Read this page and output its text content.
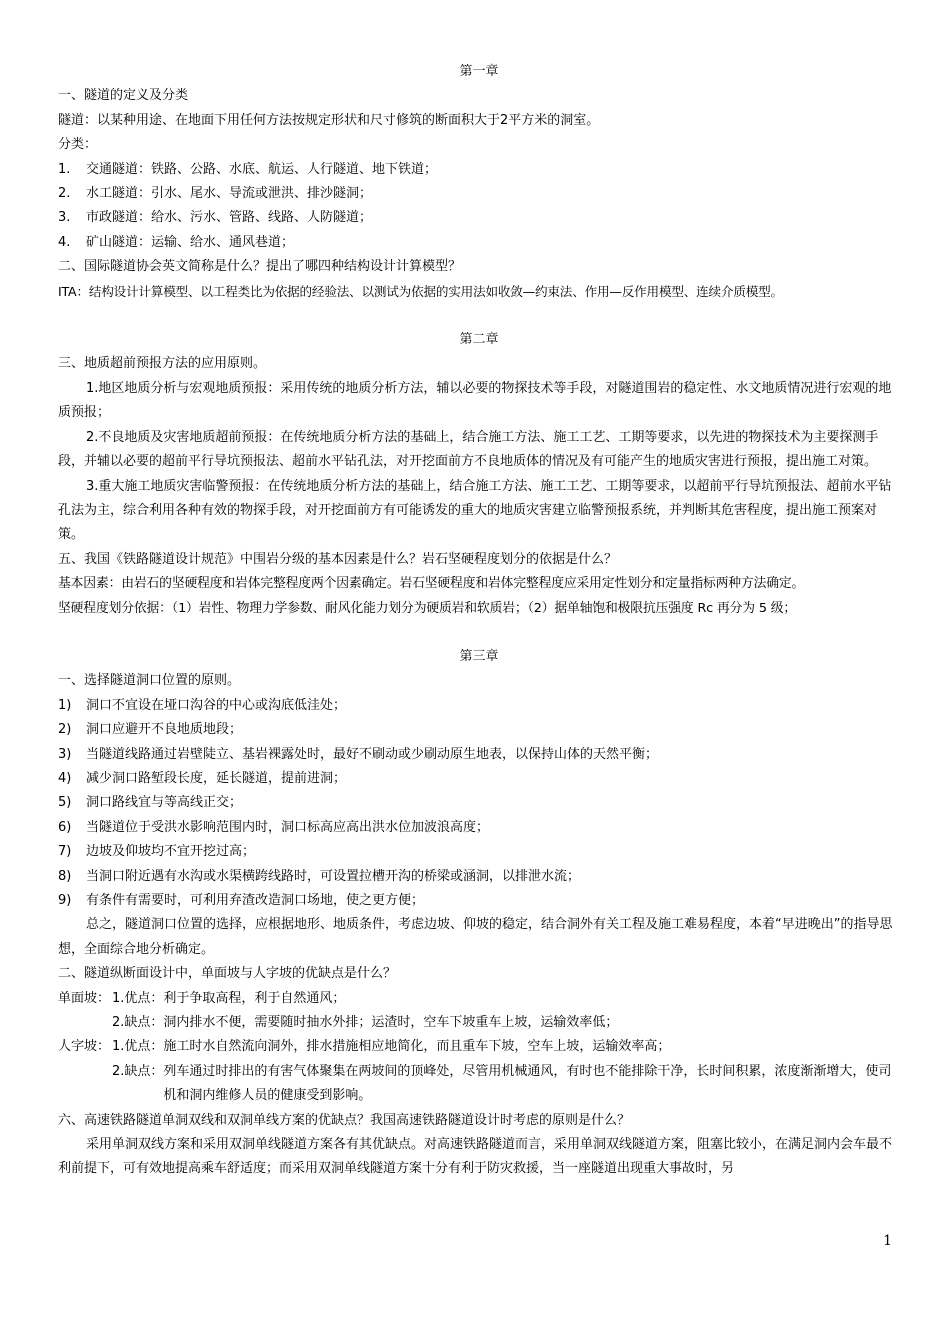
第一章
一、隧道的定义及分类
隧道：以某种用途、在地面下用任何方法按规定形状和尺寸修筑的断面积大于2平方米的洞室。
分类：
1. 交通隧道：铁路、公路、水底、航运、人行隧道、地下铁道；
2. 水工隧道：引水、尾水、导流或泄洪、排沙隧洞；
3. 市政隧道：给水、污水、管路、线路、人防隧道；
4. 矿山隧道：运输、给水、通风巷道；
二、国际隧道协会英文简称是什么？提出了哪四种结构设计计算模型？
ITA：结构设计计算模型、以工程类比为依据的经验法、以测试为依据的实用法如收敛—约束法、作用—反作用模型、连续介质模型。
第二章
三、地质超前预报方法的应用原则。
1.地区地质分析与宏观地质预报：采用传统的地质分析方法，辅以必要的物探技术等手段，对隧道围岩的稳定性、水文地质情况进行宏观的地质预报；
2.不良地质及灾害地质超前预报：在传统地质分析方法的基础上，结合施工方法、施工工艺、工期等要求，以先进的物探技术为主要探测手段，并辅以必要的超前平行导坑预报法、超前水平钻孔法，对开挖面前方不良地质体的情况及有可能产生的地质灾害进行预报，提出施工对策。
3.重大施工地质灾害临警预报：在传统地质分析方法的基础上，结合施工方法、施工工艺、工期等要求，以超前平行导坑预报法、超前水平钻孔法为主，综合利用各种有效的物探手段，对开挖面前方有可能诱发的重大的地质灾害建立临警预报系统，并判断其危害程度，提出施工预案对策。
五、我国《铁路隧道设计规范》中围岩分级的基本因素是什么？岩石坚硬程度划分的依据是什么？
基本因素：由岩石的坚硬程度和岩体完整程度两个因素确定。岩石坚硬程度和岩体完整程度应采用定性划分和定量指标两种方法确定。
坚硬程度划分依据：（1）岩性、物理力学参数、耐风化能力划分为硬质岩和软质岩；（2）据单轴饱和极限抗压强度 Rc 再分为 5 级；
第三章
一、选择隧道洞口位置的原则。
1) 洞口不宜设在垭口沟谷的中心或沟底低洼处；
2) 洞口应避开不良地质地段；
3) 当隧道线路通过岩壁陡立、基岩裸露处时，最好不刷动或少刷动原生地表，以保持山体的天然平衡；
4) 减少洞口路堑段长度，延长隧道，提前进洞；
5) 洞口路线宜与等高线正交；
6) 当隧道位于受洪水影响范围内时，洞口标高应高出洪水位加波浪高度；
7) 边坡及仰坡均不宜开挖过高；
8) 当洞口附近遇有水沟或水渠横跨线路时，可设置拉槽开沟的桥梁或涵洞，以排泄水流；
9) 有条件有需要时，可利用弃渣改造洞口场地，使之更方便；
总之，隧道洞口位置的选择，应根据地形、地质条件，考虑边坡、仰坡的稳定，结合洞外有关工程及施工难易程度，本着“早进晚出”的指导思想，全面综合地分析确定。
二、隧道纵断面设计中，单面坡与人字坡的优缺点是什么？
单面坡： 1.优点：利于争取高程，利于自然通风；
2.缺点：洞内排水不便，需要随时抽水外排；运渣时，空车下坡重车上坡，运输效率低；
人字坡： 1.优点：施工时水自然流向洞外，排水措施相应地简化，而且重车下坡，空车上坡，运输效率高；
2.缺点： 列车通过时排出的有害气体聚集在两坡间的顶峰处，尽管用机械通风，有时也不能排除干净，长时间积累，浓度渐渐增大，使司机和洞内维修人员的健康受到影响。
六、高速铁路隧道单洞双线和双洞单线方案的优缺点？我国高速铁路隧道设计时考虑的原则是什么？
采用单洞双线方案和采用双洞单线隧道方案各有其优缺点。对高速铁路隧道而言，采用单洞双线隧道方案，阻塞比较小，在满足洞内会车最不利前提下，可有效地提高乘车舒适度；而采用双洞单线隧道方案十分有利于防灾救援，当一座隧道出现重大事故时，另
1
